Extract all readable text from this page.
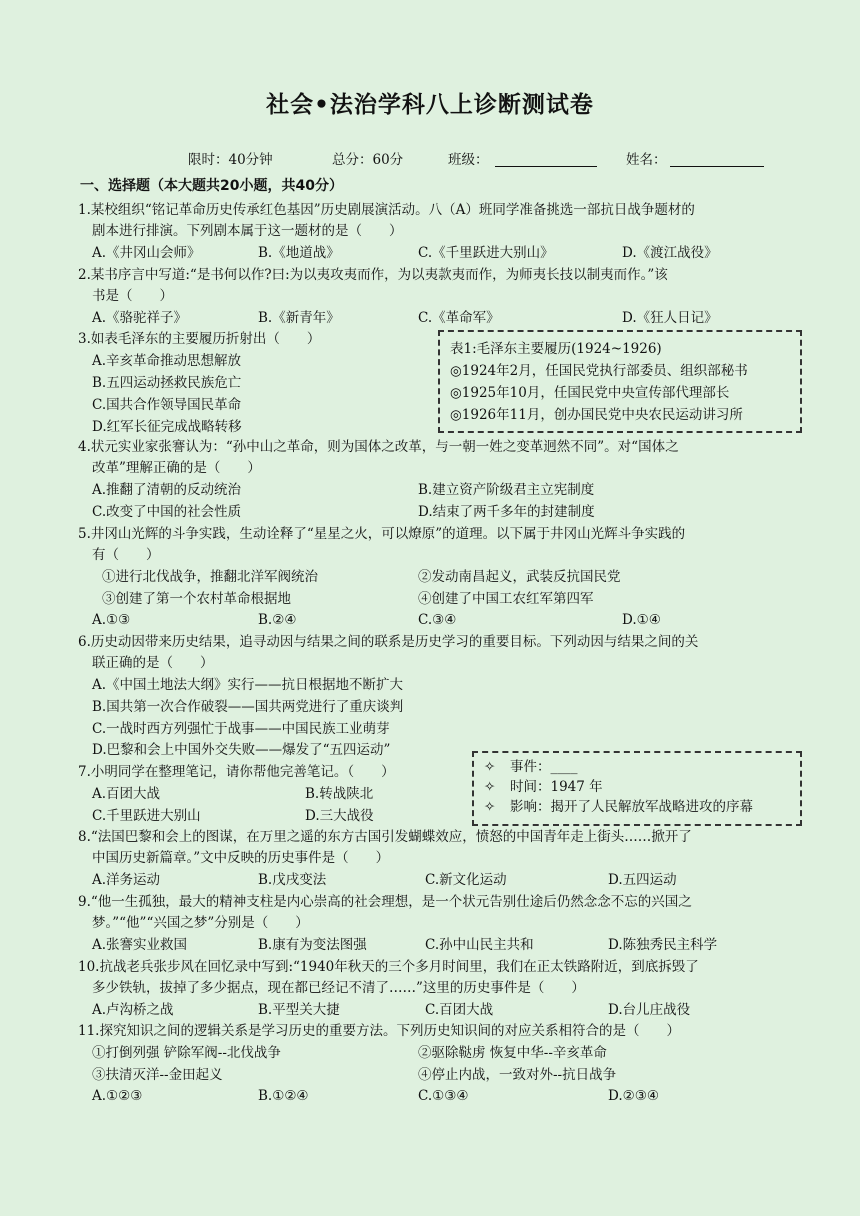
社会•法治学科八上诊断测试卷
限时：40分钟	总分：60分	班级：	姓名：
一、选择题（本大题共20小题，共40分）
1.某校组织“铭记革命历史传承红色基因”历史剧展演活动。八（A）班同学准备挑选一部抗日战争题材的
剧本进行排演。下列剧本属于这一题材的是（　　）
A.《井冈山会师》	B.《地道战》	C.《千里跃进大别山》	D.《渡江战役》
2.某书序言中写道:“是书何以作?曰:为以夷攻夷而作，为以夷款夷而作，为师夷长技以制夷而作。”该
书是（　　）
A.《骆驼祥子》	B.《新青年》	C.《革命军》	D.《狂人日记》
3.如表毛泽东的主要履历折射出（　　）
A.辛亥革命推动思想解放
B.五四运动拯救民族危亡
C.国共合作领导国民革命
D.红军长征完成战略转移
表1:毛泽东主要履历(1924~1926)
◎1924年2月，任国民党执行部委员、组织部秘书
◎1925年10月，任国民党中央宣传部代理部长
◎1926年11月，创办国民党中央农民运动讲习所
4.状元实业家张謇认为：“孙中山之革命，则为国体之改革，与一朝一姓之变革迥然不同”。对“国体之
改革”理解正确的是（　　）
A.推翻了清朝的反动统治	B.建立资产阶级君主立宪制度
C.改变了中国的社会性质	D.结束了两千多年的封建制度
5.井冈山光辉的斗争实践，生动诠释了“星星之火，可以燎原”的道理。以下属于井冈山光辉斗争实践的
有（　　）
①进行北伐战争，推翻北洋军阀统治	②发动南昌起义，武装反抗国民党
③创建了第一个农村革命根据地	④创建了中国工农红军第四军
A.①③	B.②④	C.③④	D.①④
6.历史动因带来历史结果，追寻动因与结果之间的联系是历史学习的重要目标。下列动因与结果之间的关
联正确的是（　　）
A.《中国土地法大纲》实行——抗日根据地不断扩大
B.国共第一次合作破裂——国共两党进行了重庆谈判
C.一战时西方列强忙于战事——中国民族工业萌芽
D.巴黎和会上中国外交失败——爆发了“五四运动”
7.小明同学在整理笔记，请你帮他完善笔记。（　　）
A.百团大战	B.转战陕北
C.千里跃进大别山	D.三大战役
✧ 事件：____
✧ 时间：1947 年
✧ 影响：揭开了人民解放军战略进攻的序幕
8.“法国巴黎和会上的图谋，在万里之遥的东方古国引发蝴蝶效应，愤怒的中国青年走上街头……掀开了
中国历史新篇章。”文中反映的历史事件是（　　）
A.洋务运动	B.戊戌变法	C.新文化运动	D.五四运动
9.“他一生孤独，最大的精神支柱是内心崇高的社会理想，是一个状元告别仕途后仍然念念不忘的兴国之
梦。”“他”“兴国之梦”分别是（　　）
A.张謇实业救国	B.康有为变法图强	C.孙中山民主共和	D.陈独秀民主科学
10.抗战老兵张步风在回忆录中写到:“1940年秋天的三个多月时间里，我们在正太铁路附近，到底拆毁了
多少铁轨，拔掉了多少据点，现在都已经记不清了……”这里的历史事件是（　　）
A.卢沟桥之战	B.平型关大捷	C.百团大战	D.台儿庄战役
11.探究知识之间的逻辑关系是学习历史的重要方法。下列历史知识间的对应关系相符合的是（　　）
①打倒列强 铲除军阀--北伐战争	②驱除鞑虏 恢复中华--辛亥革命
③扶清灭洋--金田起义	④停止内战，一致对外--抗日战争
A.①②③	B.①②④	C.①③④	D.②③④
